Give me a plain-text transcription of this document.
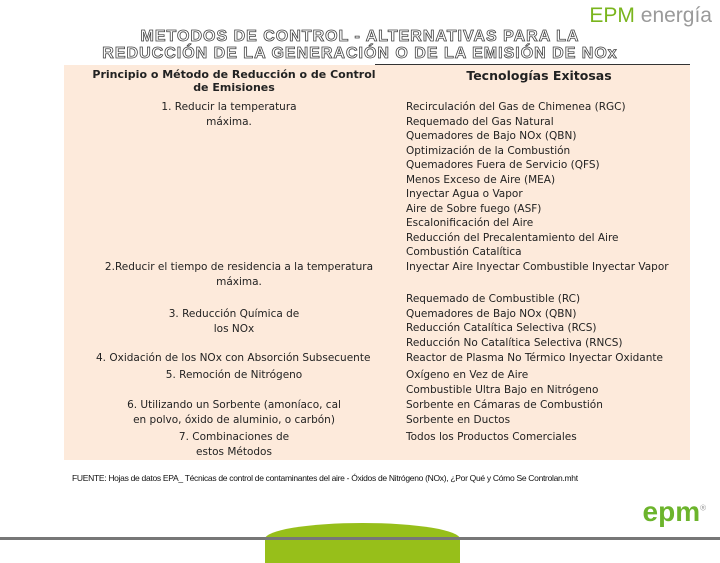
EPM energía
METODOS DE CONTROL - ALTERNATIVAS PARA LA
REDUCCIÓN DE LA GENERACIÓN O DE LA EMISIÓN DE NOx
Principio o Método de Reducción o de Control de Emisiones
Tecnologías Exitosas
1. Reducir la temperatura máxima.
2.Reducir el tiempo de residencia a la temperatura máxima.
3. Reducción Química de los NOx
4. Oxidación de los NOx con Absorción Subsecuente
5. Remoción de Nitrógeno
6. Utilizando un Sorbente (amoníaco, cal en polvo, óxido de aluminio, o carbón)
7. Combinaciones de estos Métodos
Recirculación del Gas de Chimenea (RGC)
Requemado del Gas Natural
Quemadores de Bajo NOx (QBN)
Optimización de la Combustión
Quemadores Fuera de Servicio (QFS)
Menos Exceso de Aire (MEA)
Inyectar Agua o Vapor
Aire de Sobre fuego (ASF)
Escalonificación del Aire
Reducción del Precalentamiento del Aire
Combustión Catalítica
Inyectar Aire Inyectar Combustible Inyectar Vapor
Requemado de Combustible (RC)
Quemadores de Bajo NOx (QBN)
Reducción Catalítica Selectiva (RCS)
Reducción No Catalítica Selectiva (RNCS)
Reactor de Plasma No Térmico Inyectar Oxidante
Oxígeno en Vez de Aire
Combustible Ultra Bajo en Nitrógeno
Sorbente en Cámaras de Combustión
Sorbente en Ductos
Todos los Productos Comerciales
FUENTE: Hojas de datos EPA_ Técnicas de control de contaminantes del aire - Óxidos de Nitrógeno (NOx), ¿Por Qué y Cómo Se Controlan.mht
epm®
